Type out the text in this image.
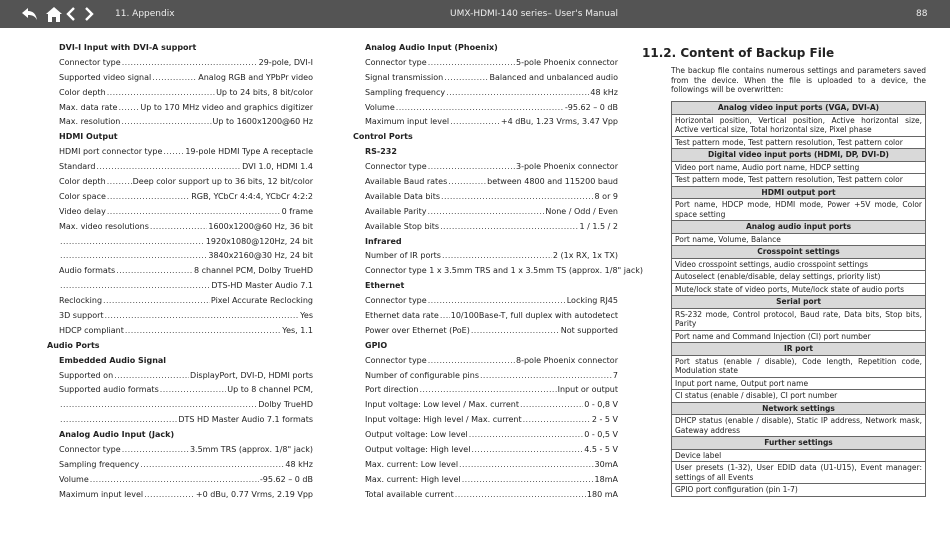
11. Appendix	UMX-HDMI-140 series– User's Manual	88
DVI-I Input with DVI-A support
Connector type .....	29-pole, DVI-I
Supported video signal .....	Analog RGB and YPbPr video
Color depth .....	Up to 24 bits, 8 bit/color
Max. data rate .....	Up to 170 MHz video and graphics digitizer
Max. resolution .....	Up to 1600x1200@60 Hz
HDMI Output
HDMI port connector type .....	19-pole HDMI Type A receptacle
Standard .....	DVI 1.0, HDMI 1.4
Color depth .....	Deep color support up to 36 bits, 12 bit/color
Color space .....	RGB, YCbCr 4:4:4, YCbCr 4:2:2
Video delay .....	0 frame
Max. video resolutions .....	1600x1200@60 Hz, 36 bit
.....
1920x1080@120Hz, 24 bit
.....
3840x2160@30 Hz, 24 bit
Audio formats .....	8 channel PCM, Dolby TrueHD
.....
DTS-HD Master Audio 7.1
Reclocking .....	Pixel Accurate Reclocking
3D support .....	Yes
HDCP compliant .....	Yes, 1.1
Audio Ports
Embedded Audio Signal
Supported on .....	DisplayPort, DVI-D, HDMI ports
Supported audio formats .....	Up to 8 channel PCM,
.....
Dolby TrueHD
.....
DTS HD Master Audio 7.1 formats
Analog Audio Input (Jack)
Connector type .....	3.5mm TRS (approx. 1/8" jack)
Sampling frequency .....	48 kHz
Volume .....	-95.62 – 0 dB
Maximum input level .....	+0 dBu, 0.77 Vrms, 2.19 Vpp
Analog Audio Input (Phoenix)
Connector type .....	5-pole Phoenix connector
Signal transmission .....	Balanced and unbalanced audio
Sampling frequency .....	48 kHz
Volume .....	-95.62 – 0 dB
Maximum input level .....	+4 dBu, 1.23 Vrms, 3.47 Vpp
Control Ports
RS-232
Connector type .....	3-pole Phoenix connector
Available Baud rates .....	between 4800 and 115200 baud
Available Data bits .....	8 or 9
Available Parity .....	None / Odd / Even
Available Stop bits .....	1 / 1.5 / 2
Infrared
Number of IR ports .....	2 (1x RX, 1x TX)
Connector type 1 x 3.5mm TRS and 1 x 3.5mm TS (approx. 1/8" jack)
Ethernet
Connector type .....	Locking RJ45
Ethernet data rate ..... 10/100Base-T, full duplex with autodetect
Power over Ethernet (PoE) .....	Not supported
GPIO
Connector type .....	8-pole Phoenix connector
Number of configurable pins .....	7
Port direction .....	Input or output
Input voltage: Low level / Max. current .....	0 - 0,8 V
Input voltage: High level / Max. current .....	2 - 5 V
Output voltage: Low level .....	0 - 0,5 V
Output voltage: High level .....	4.5 - 5 V
Max. current: Low level .....	30mA
Max. current: High level .....	18mA
Total available current .....	180 mA
11.2. Content of Backup File
The backup file contains numerous settings and parameters saved from the device. When the file is uploaded to a device, the followings will be overwritten:
Analog video input ports (VGA, DVI-A)
Horizontal position, Vertical position, Active horizontal size, Active vertical size, Total horizontal size, Pixel phase
Test pattern mode, Test pattern resolution, Test pattern color
Digital video input ports (HDMI, DP, DVI-D)
Video port name, Audio port name, HDCP setting
Test pattern mode, Test pattern resolution, Test pattern color
HDMI output port
Port name, HDCP mode, HDMI mode, Power +5V mode, Color space setting
Analog audio input ports
Port name, Volume, Balance
Crosspoint settings
Video crosspoint settings, audio crosspoint settings
Autoselect (enable/disable, delay settings, priority list)
Mute/lock state of video ports, Mute/lock state of audio ports
Serial port
RS-232 mode, Control protocol, Baud rate, Data bits, Stop bits, Parity
Port name and Command Injection (CI) port number
IR port
Port status (enable / disable), Code length, Repetition code, Modulation state
Input port name, Output port name
CI status (enable / disable), CI port number
Network settings
DHCP status (enable / disable), Static IP address, Network mask, Gateway address
Further settings
Device label
User presets (1-32), User EDID data (U1-U15), Event manager: settings of all Events
GPIO port configuration (pin 1-7)
